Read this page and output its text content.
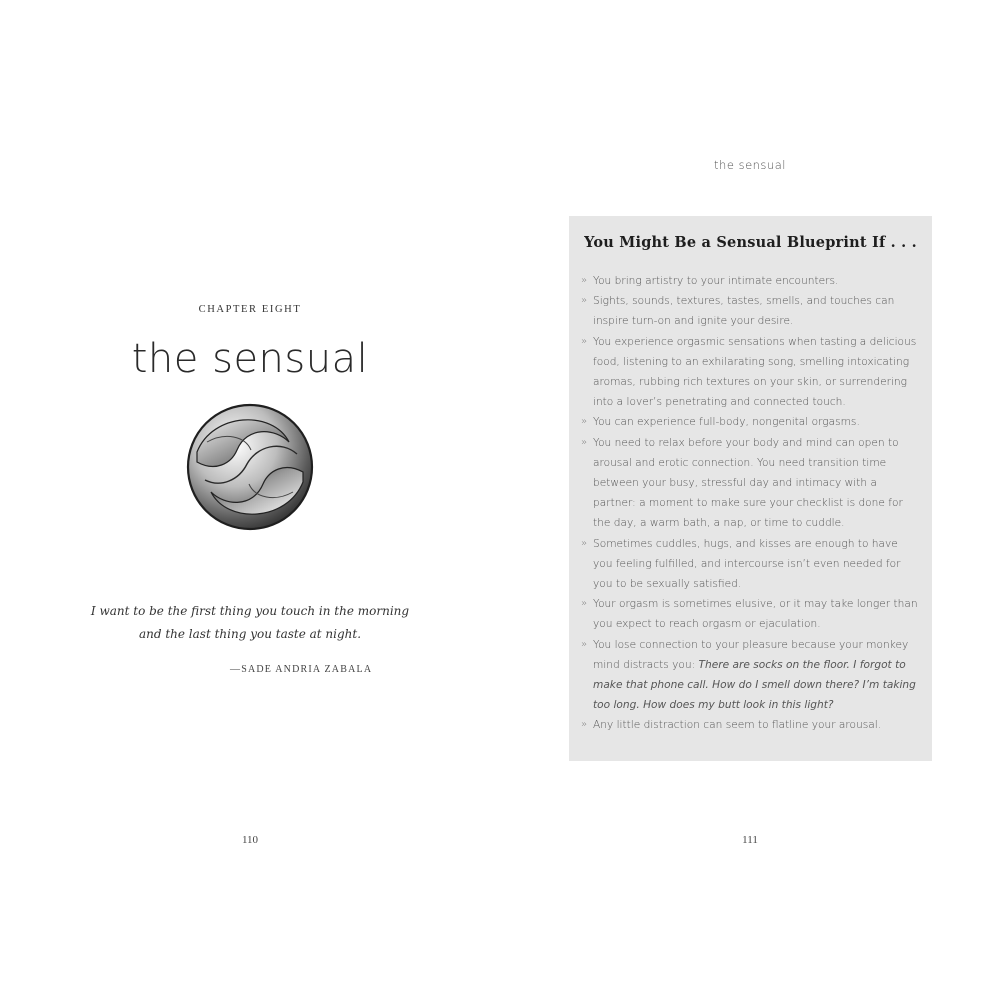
CHAPTER EIGHT
the sensual
I want to be the first thing you touch in the morning
and the last thing you taste at night.
—SADE ANDRIA ZABALA
110
the sensual
You Might Be a Sensual Blueprint If . . .
» You bring artistry to your intimate encounters.
» Sights, sounds, textures, tastes, smells, and touches can inspire turn-on and ignite your desire.
» You experience orgasmic sensations when tasting a delicious food, listening to an exhilarating song, smelling intoxicating aromas, rubbing rich textures on your skin, or surrendering into a lover’s penetrating and connected touch.
» You can experience full-body, nongenital orgasms.
» You need to relax before your body and mind can open to arousal and erotic connection. You need transition time between your busy, stressful day and intimacy with a partner: a moment to make sure your checklist is done for the day, a warm bath, a nap, or time to cuddle.
» Sometimes cuddles, hugs, and kisses are enough to have you feeling fulfilled, and intercourse isn’t even needed for you to be sexually satisfied.
» Your orgasm is sometimes elusive, or it may take longer than you expect to reach orgasm or ejaculation.
» You lose connection to your pleasure because your monkey mind distracts you: There are socks on the floor. I forgot to make that phone call. How do I smell down there? I’m taking too long. How does my butt look in this light?
» Any little distraction can seem to flatline your arousal.
111
